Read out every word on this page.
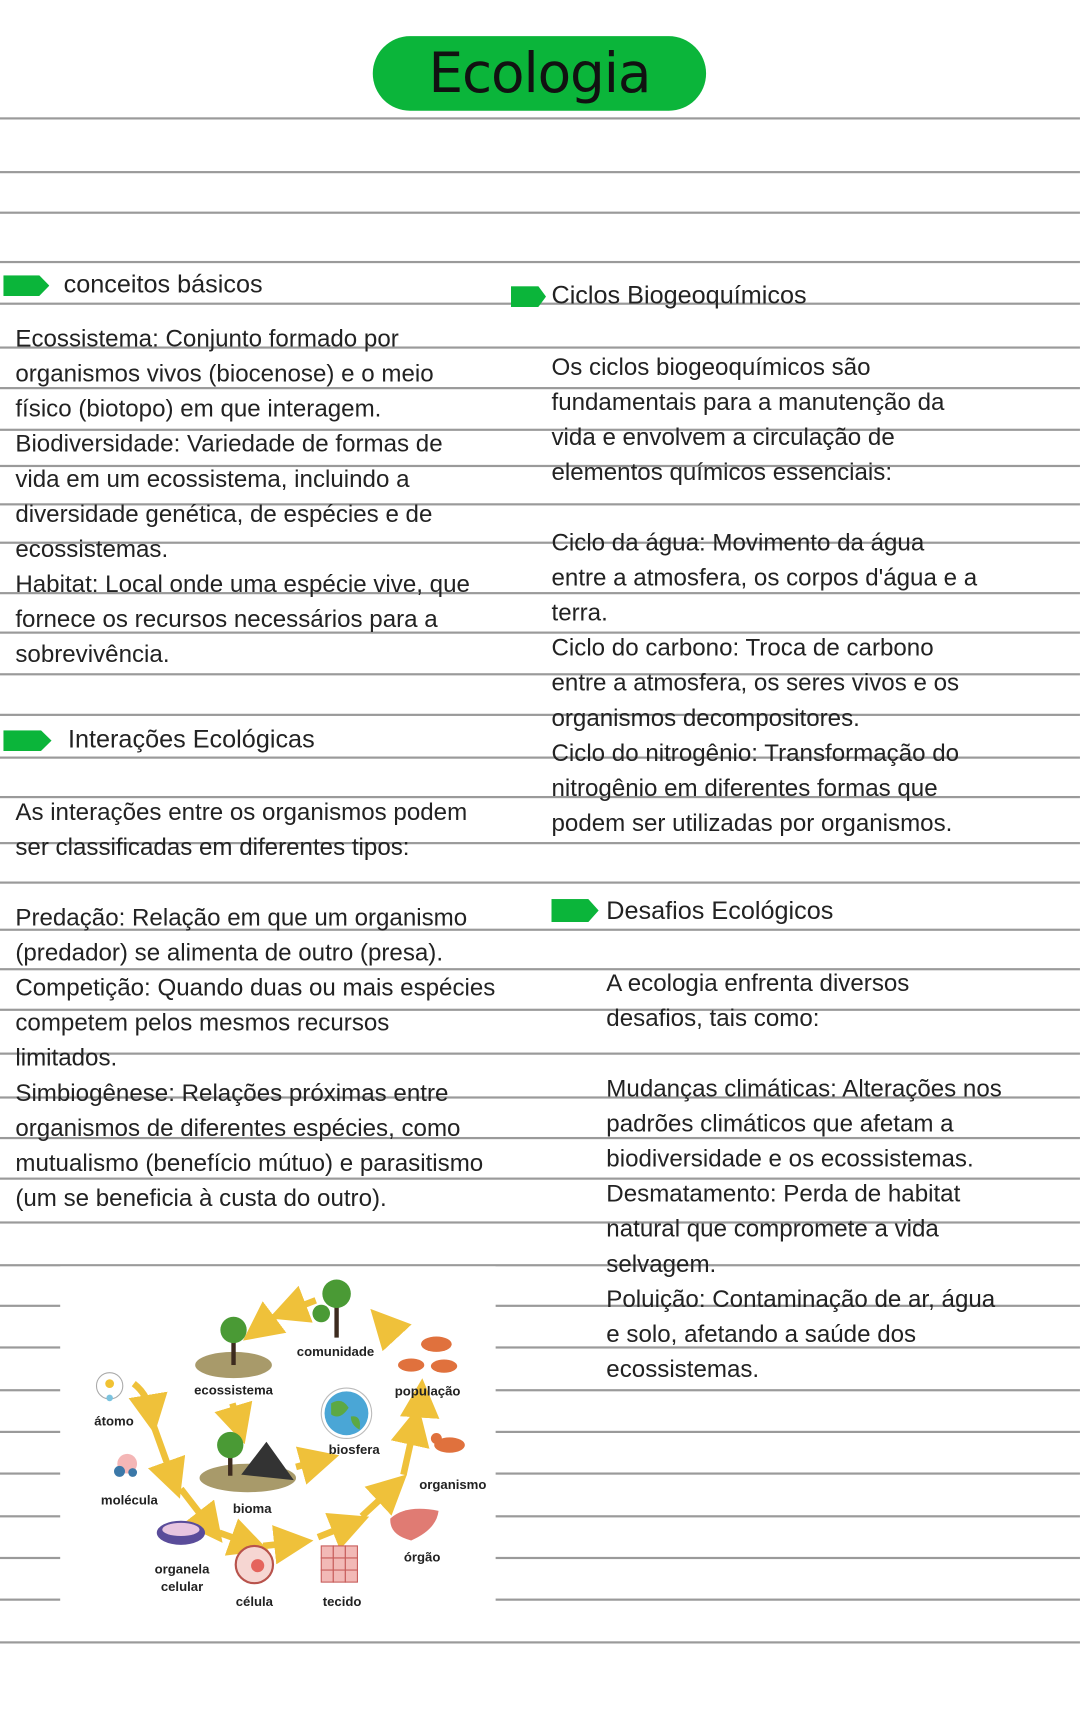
Ecologia
conceitos básicos
Ecossistema: Conjunto formado por
organismos vivos (biocenose) e o meio
físico (biotopo) em que interagem.
Biodiversidade: Variedade de formas de
vida em um ecossistema, incluindo a
diversidade genética, de espécies e de
ecossistemas.
Habitat: Local onde uma espécie vive, que
fornece os recursos necessários para a
sobrevivência.
Interações Ecológicas
As interações entre os organismos podem
ser classificadas em diferentes tipos:
Predação: Relação em que um organismo
(predador) se alimenta de outro (presa).
Competição: Quando duas ou mais espécies
competem pelos mesmos recursos
limitados.
Simbiogênese: Relações próximas entre
organismos de diferentes espécies, como
mutualismo (benefício mútuo) e parasitismo
(um se beneficia à custa do outro).
Ciclos Biogeoquímicos
Os ciclos biogeoquímicos são
fundamentais para a manutenção da
vida e envolvem a circulação de
elementos químicos essenciais:
Ciclo da água: Movimento da água
entre a atmosfera, os corpos d'água e a
terra.
Ciclo do carbono: Troca de carbono
entre a atmosfera, os seres vivos e os
organismos decompositores.
Ciclo do nitrogênio: Transformação do
nitrogênio em diferentes formas que
podem ser utilizadas por organismos.
Desafios Ecológicos
A ecologia enfrenta diversos
desafios, tais como:
Mudanças climáticas: Alterações nos
padrões climáticos que afetam a
biodiversidade e os ecossistemas.
Desmatamento: Perda de habitat
natural que compromete a vida
selvagem.
Poluição: Contaminação de ar, água
e solo, afetando a saúde dos
ecossistemas.
átomo
molécula
organela
celular
célula	tecido
órgão
organismo
população
comunidade
ecossistema
bioma
biosfera
